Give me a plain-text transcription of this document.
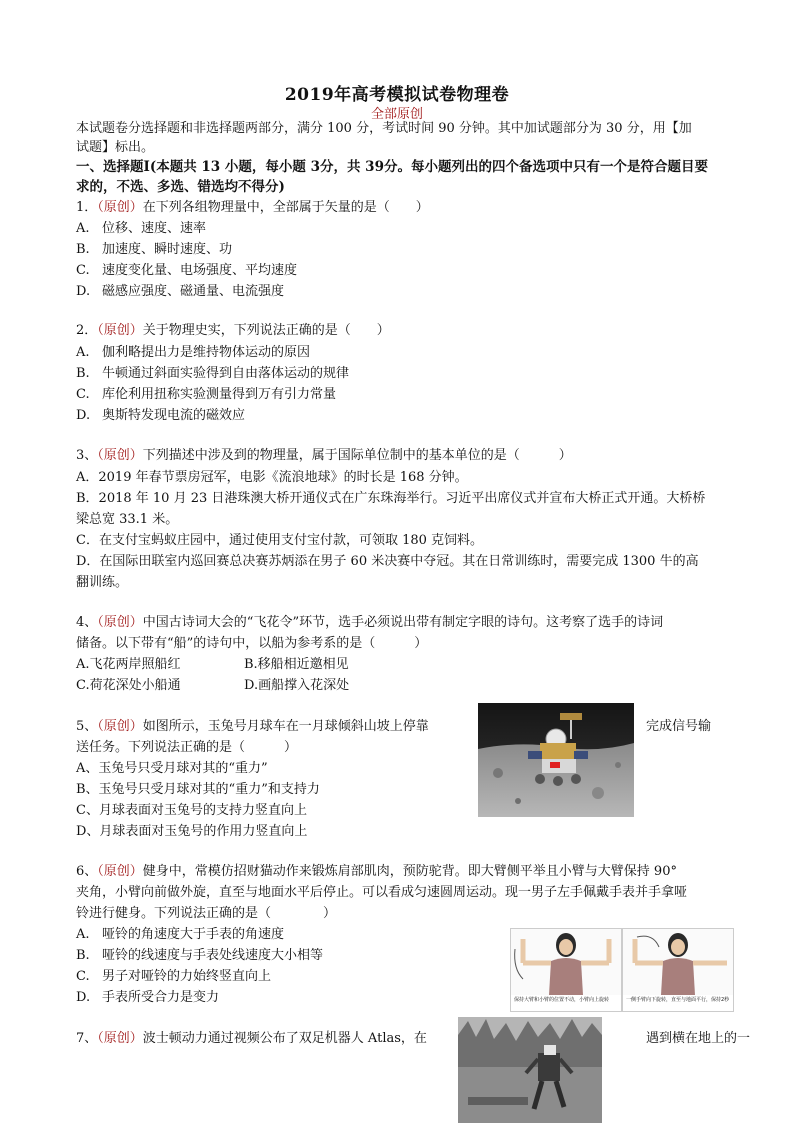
2019年高考模拟试卷物理卷
全部原创
本试题卷分选择题和非选择题两部分，满分 100 分，考试时间 90 分钟。其中加试题部分为 30 分，用【加
试题】标出。
一、选择题Ⅰ(本题共 13 小题，每小题 3分，共 39分。每小题列出的四个备选项中只有一个是符合题目要
求的，不选、多选、错选均不得分)
1．（原创）在下列各组物理量中，全部属于矢量的是（　　）
A. 位移、速度、速率
B. 加速度、瞬时速度、功
C. 速度变化量、电场强度、平均速度
D. 磁感应强度、磁通量、电流强度
2．（原创）关于物理史实，下列说法正确的是（　　）
A. 伽利略提出力是维持物体运动的原因
B. 牛顿通过斜面实验得到自由落体运动的规律
C. 库伦利用扭称实验测量得到万有引力常量
D. 奥斯特发现电流的磁效应
3、（原创）下列描述中涉及到的物理量，属于国际单位制中的基本单位的是（　　　）
A．2019 年春节票房冠军，电影《流浪地球》的时长是 168 分钟。
B．2018 年 10 月 23 日港珠澳大桥开通仪式在广东珠海举行。习近平出席仪式并宣布大桥正式开通。大桥桥
梁总宽 33.1 米。
C．在支付宝蚂蚁庄园中，通过使用支付宝付款，可领取 180 克饲料。
D．在国际田联室内巡回赛总决赛苏炳添在男子 60 米决赛中夺冠。其在日常训练时，需要完成 1300 牛的高
翻训练。
4、（原创）中国古诗词大会的“飞花令”环节，选手必须说出带有制定字眼的诗句。这考察了选手的诗词
储备。以下带有“船”的诗句中，以船为参考系的是（　　　）
A.飞花两岸照船红	B.移船相近邀相见
C.荷花深处小船通	D.画船撑入花深处
5、（原创）如图所示，玉兔号月球车在一月球倾斜山坡上停靠	完成信号输
送任务。下列说法正确的是（　　　）
A、玉兔号只受月球对其的“重力”
B、玉兔号只受月球对其的“重力”和支持力
C、月球表面对玉兔号的支持力竖直向上
D、月球表面对玉兔号的作用力竖直向上
6、（原创）健身中，常模仿招财猫动作来锻炼肩部肌肉，预防驼背。即大臂侧平举且小臂与大臂保持 90°
夹角，小臂向前做外旋，直至与地面水平后停止。可以看成匀速圆周运动。现一男子左手佩戴手表并手拿哑
铃进行健身。下列说法正确的是（　　　　）
A. 哑铃的角速度大于手表的角速度
B. 哑铃的线速度与手表处线速度大小相等
C. 男子对哑铃的力始终竖直向上
D. 手表所受合力是变力	保持大臂和小臂的位置不动，小臂向上旋转	一侧手臂向下旋转，直至与地面平行，保持2秒
7、（原创）波士顿动力通过视频公布了双足机器人 Atlas，在	遇到横在地上的一
